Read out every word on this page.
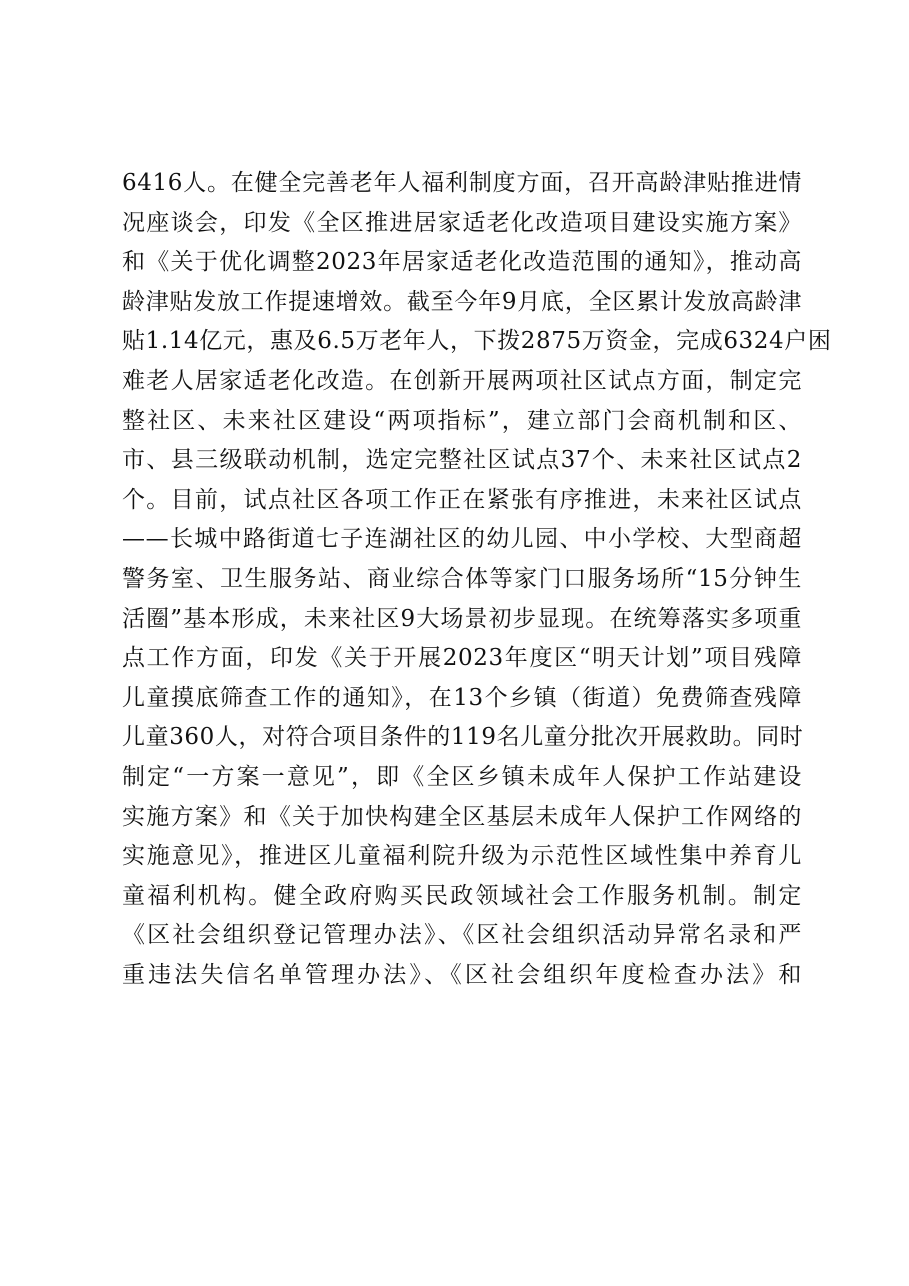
6416人。在健全完善老年人福利制度方面，召开高龄津贴推进情
况座谈会，印发《全区推进居家适老化改造项目建设实施方案》
和《关于优化调整2023年居家适老化改造范围的通知》，推动高
龄津贴发放工作提速增效。截至今年9月底，全区累计发放高龄津
贴1.14亿元，惠及6.5万老年人，下拨2875万资金，完成6324户困
难老人居家适老化改造。在创新开展两项社区试点方面，制定完
整社区、未来社区建设“两项指标”，建立部门会商机制和区、
市、县三级联动机制，选定完整社区试点37个、未来社区试点2
个。目前，试点社区各项工作正在紧张有序推进，未来社区试点
——长城中路街道七子连湖社区的幼儿园、中小学校、大型商超
警务室、卫生服务站、商业综合体等家门口服务场所“15分钟生
活圈”基本形成，未来社区9大场景初步显现。在统筹落实多项重
点工作方面，印发《关于开展2023年度区“明天计划”项目残障
儿童摸底筛查工作的通知》，在13个乡镇（街道）免费筛查残障
儿童360人，对符合项目条件的119名儿童分批次开展救助。同时
制定“一方案一意见”，即《全区乡镇未成年人保护工作站建设
实施方案》和《关于加快构建全区基层未成年人保护工作网络的
实施意见》，推进区儿童福利院升级为示范性区域性集中养育儿
童福利机构。健全政府购买民政领域社会工作服务机制。制定
《区社会组织登记管理办法》、《区社会组织活动异常名录和严
重违法失信名单管理办法》、《区社会组织年度检查办法》和
